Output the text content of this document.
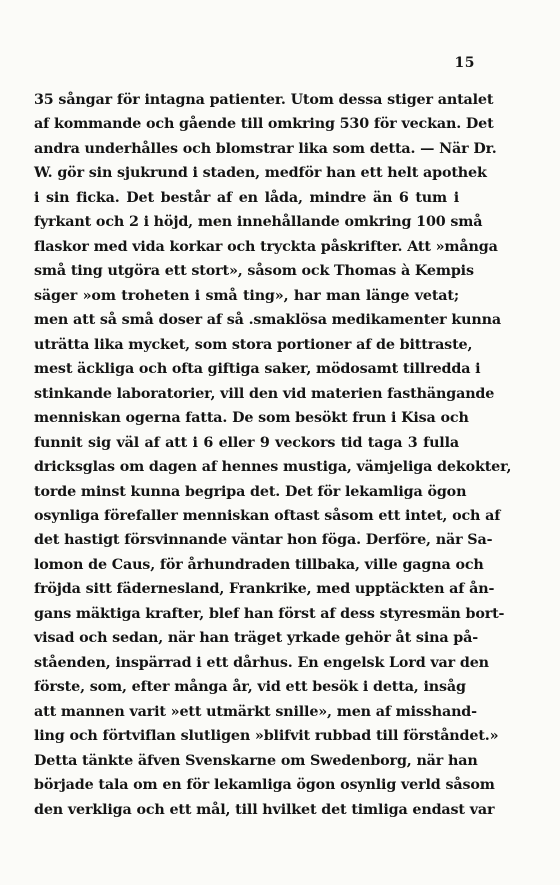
15
35 sångar för intagna patienter. Utom dessa stiger antalet
af kommande och gående till omkring 530 för veckan. Det
andra underhålles och blomstrar lika som detta. — När Dr.
W. gör sin sjukrund i staden, medför han ett helt apothek
i sin ficka. Det består af en låda, mindre än 6 tum i
fyrkant och 2 i höjd, men innehållande omkring 100 små
flaskor med vida korkar och tryckta påskrifter. Att »många
små ting utgöra ett stort», såsom ock Thomas à Kempis
säger »om troheten i små ting», har man länge vetat;
men att så små doser af så .smaklösa medikamenter kunna
uträtta lika mycket, som stora portioner af de bittraste,
mest äckliga och ofta giftiga saker, mödosamt tillredda i
stinkande laboratorier, vill den vid materien fasthängande
menniskan ogerna fatta. De som besökt frun i Kisa och
funnit sig väl af att i 6 eller 9 veckors tid taga 3 fulla
dricksglas om dagen af hennes mustiga, vämjeliga dekokter,
torde minst kunna begripa det. Det för lekamliga ögon
osynliga förefaller menniskan oftast såsom ett intet, och af
det hastigt försvinnande väntar hon föga. Derföre, när Sa-
lomon de Caus, för århundraden tillbaka, ville gagna och
fröjda sitt fädernesland, Frankrike, med upptäckten af ån-
gans mäktiga krafter, blef han först af dess styresmän bort-
visad och sedan, när han träget yrkade gehör åt sina på-
ståenden, inspärrad i ett dårhus. En engelsk Lord var den
förste, som, efter många år, vid ett besök i detta, insåg
att mannen varit »ett utmärkt snille», men af misshand-
ling och förtviflan slutligen »blifvit rubbad till förståndet.»
Detta tänkte äfven Svenskarne om Swedenborg, när han
började tala om en för lekamliga ögon osynlig verld såsom
den verkliga och ett mål, till hvilket det timliga endast var
